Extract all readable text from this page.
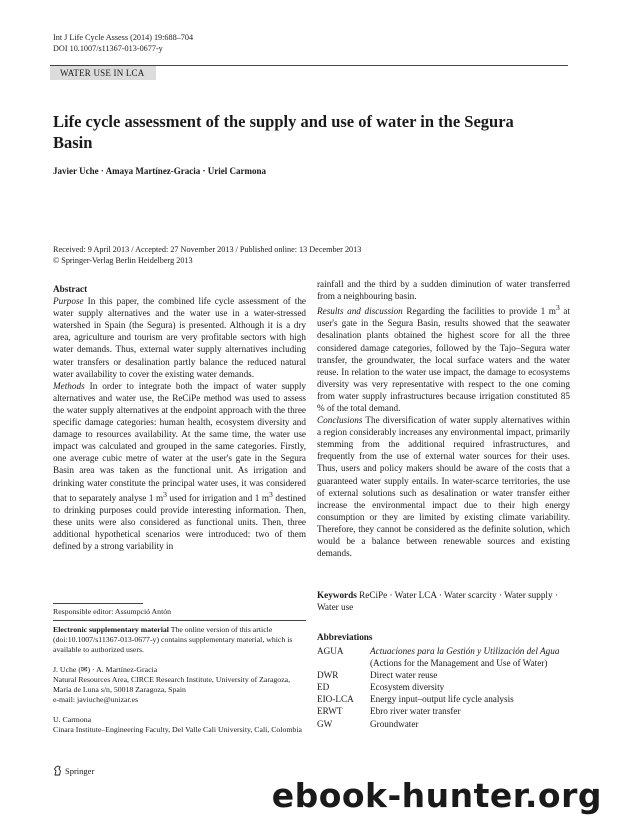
Int J Life Cycle Assess (2014) 19:688–704
DOI 10.1007/s11367-013-0677-y
WATER USE IN LCA
Life cycle assessment of the supply and use of water in the Segura Basin
Javier Uche · Amaya Martínez-Gracia · Uriel Carmona
Received: 9 April 2013 / Accepted: 27 November 2013 / Published online: 13 December 2013
© Springer-Verlag Berlin Heidelberg 2013

Abstract

Purpose In this paper, the combined life cycle assessment of the water supply alternatives and the water use in a water-stressed watershed in Spain (the Segura) is presented. Although it is a dry area, agriculture and tourism are very profitable sectors with high water demands. Thus, external water supply alternatives including water transfers or desalination partly balance the reduced natural water availability to cover the existing water demands.

Methods In order to integrate both the impact of water supply alternatives and water use, the ReCiPe method was used to assess the water supply alternatives at the endpoint approach with the three specific damage categories: human health, ecosystem diversity and damage to resources availability. At the same time, the water use impact was calculated and grouped in the same categories. Firstly, one average cubic metre of water at the user's gate in the Segura Basin area was taken as the functional unit. As irrigation and drinking water constitute the principal water uses, it was considered that to separately analyse 1 $m^3$ used for irrigation and 1 $m^3$ destined to drinking purposes could provide interesting information. Then, these units were also considered as functional units. Then, three additional hypothetical scenarios were introduced: two of them defined by a strong variability in

Responsible editor: Assumpció Antón
Electronic supplementary material The online version of this article (doi:10.1007/s11367-013-0677-y) contains supplementary material, which is available to authorized users.
J. Uche (✉) · A. Martínez-Gracia
Natural Resources Area, CIRCE Research Institute, University of Zaragoza, María de Luna s/n, 50018 Zaragoza, Spain
e-mail: javiuche@unizar.es
U. Carmona
Cinara Institute–Engineering Faculty, Del Valle Cali University, Cali, Colombia

rainfall and the third by a sudden diminution of water transferred from a neighbouring basin.

Results and discussion Regarding the facilities to provide 1 $m^3$ at user's gate in the Segura Basin, results showed that the seawater desalination plants obtained the highest score for all the three considered damage categories, followed by the Tajo–Segura water transfer, the groundwater, the local surface waters and the water reuse. In relation to the water use impact, the damage to ecosystems diversity was very representative with respect to the one coming from water supply infrastructures because irrigation constituted 85 % of the total demand.

Conclusions The diversification of water supply alternatives within a region considerably increases any environmental impact, primarily stemming from the additional required infrastructures, and frequently from the use of external water sources for their uses. Thus, users and policy makers should be aware of the costs that a guaranteed water supply entails. In water-scarce territories, the use of external solutions such as desalination or water transfer either increase the environmental impact due to their high energy consumption or they are limited by existing climate variability. Therefore, they cannot be considered as the definite solution, which would be a balance between renewable sources and existing demands.

Keywords ReCiPe · Water LCA · Water scarcity · Water supply · Water use
Abbreviations
AGUA	Actuaciones para la Gestión y Utilización del Agua (Actions for the Management and Use of Water)
DWR	Direct water reuse
ED	Ecosystem diversity
EIO-LCA	Energy input–output life cycle analysis
ERWT	Ebro river water transfer
GW	Groundwater
Springer
ebook-hunter.org
